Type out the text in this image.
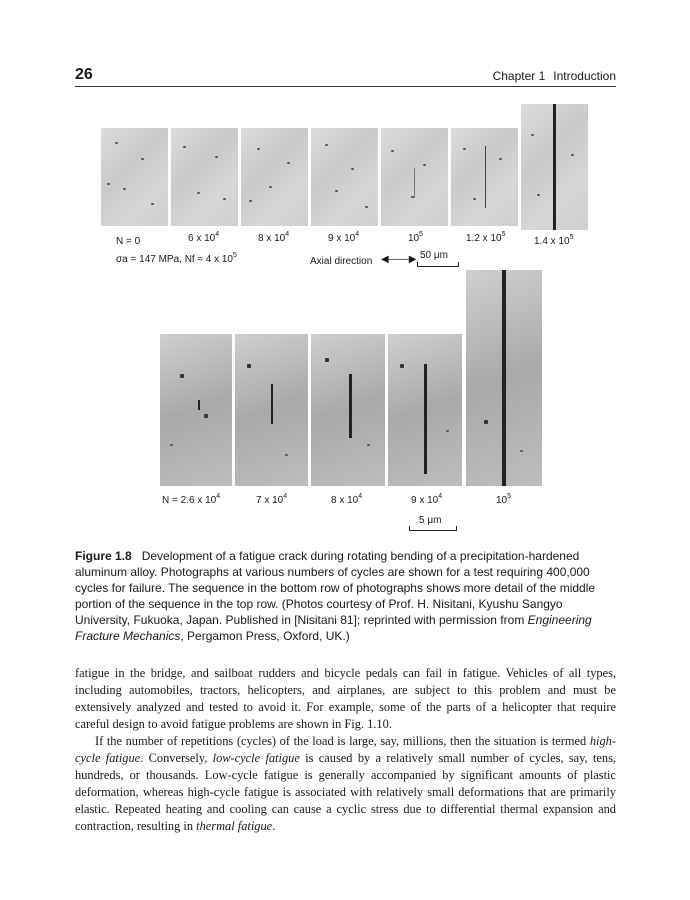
26	Chapter 1 Introduction
N = 0	6 x $10^4$	8 x $10^4$	9 x $10^4$	$10^5$	1.2 x $10^5$
1.4 x $10^5$
σa = 147 MPa, Nf ≈ 4 x $10^5$
Axial direction ◀——▶ 50 μm
N = 2.6 x $10^4$	7 x $10^4$	8 x $10^4$	9 x $10^4$	$10^5$
5 μm
Figure 1.8 Development of a fatigue crack during rotating bending of a precipitation-hardened aluminum alloy. Photographs at various numbers of cycles are shown for a test requiring 400,000 cycles for failure. The sequence in the bottom row of photographs shows more detail of the middle portion of the sequence in the top row. (Photos courtesy of Prof. H. Nisitani, Kyushu Sangyo University, Fukuoka, Japan. Published in [Nisitani 81]; reprinted with permission from Engineering Fracture Mechanics, Pergamon Press, Oxford, UK.)

fatigue in the bridge, and sailboat rudders and bicycle pedals can fail in fatigue. Vehicles of all types, including automobiles, tractors, helicopters, and airplanes, are subject to this problem and must be extensively analyzed and tested to avoid it. For example, some of the parts of a helicopter that require careful design to avoid fatigue problems are shown in Fig. 1.10.

If the number of repetitions (cycles) of the load is large, say, millions, then the situation is termed high-cycle fatigue. Conversely, low-cycle fatigue is caused by a relatively small number of cycles, say, tens, hundreds, or thousands. Low-cycle fatigue is generally accompanied by significant amounts of plastic deformation, whereas high-cycle fatigue is associated with relatively small deformations that are primarily elastic. Repeated heating and cooling can cause a cyclic stress due to differential thermal expansion and contraction, resulting in thermal fatigue.
